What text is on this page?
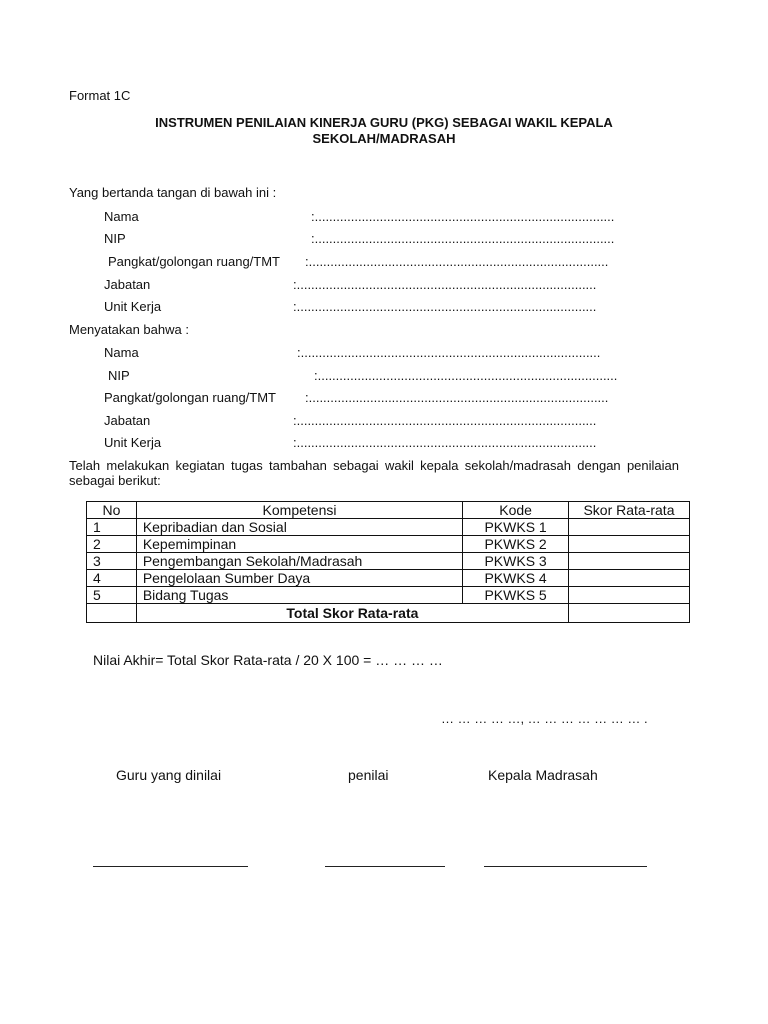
Format 1C
INSTRUMEN PENILAIAN KINERJA GURU (PKG) SEBAGAI WAKIL KEPALA
SEKOLAH/MADRASAH
Yang bertanda tangan di bawah ini :
Nama	:...................................................................................
NIP	:...................................................................................
Pangkat/golongan ruang/TMT :...................................................................................
Jabatan	:...................................................................................
Unit Kerja	:...................................................................................
Menyatakan bahwa :
Nama	:...................................................................................
NIP	:...................................................................................
Pangkat/golongan ruang/TMT :...................................................................................
Jabatan	:...................................................................................
Unit Kerja	:...................................................................................
Telah melakukan kegiatan tugas tambahan sebagai wakil kepala sekolah/madrasah dengan penilaian sebagai berikut:
No	Kompetensi	Kode	Skor Rata-rata
1	Kepribadian dan Sosial	PKWKS 1	
2	Kepemimpinan	PKWKS 2	
3	Pengembangan Sekolah/Madrasah	PKWKS 3	
4	Pengelolaan Sumber Daya	PKWKS 4	
5	Bidang Tugas	PKWKS 5	
	Total Skor Rata-rata		
Nilai Akhir= Total Skor Rata-rata / 20 X 100 = … … … …
… … … … …, … … … … … … … .
Guru yang dinilai	penilai	Kepala Madrasah
